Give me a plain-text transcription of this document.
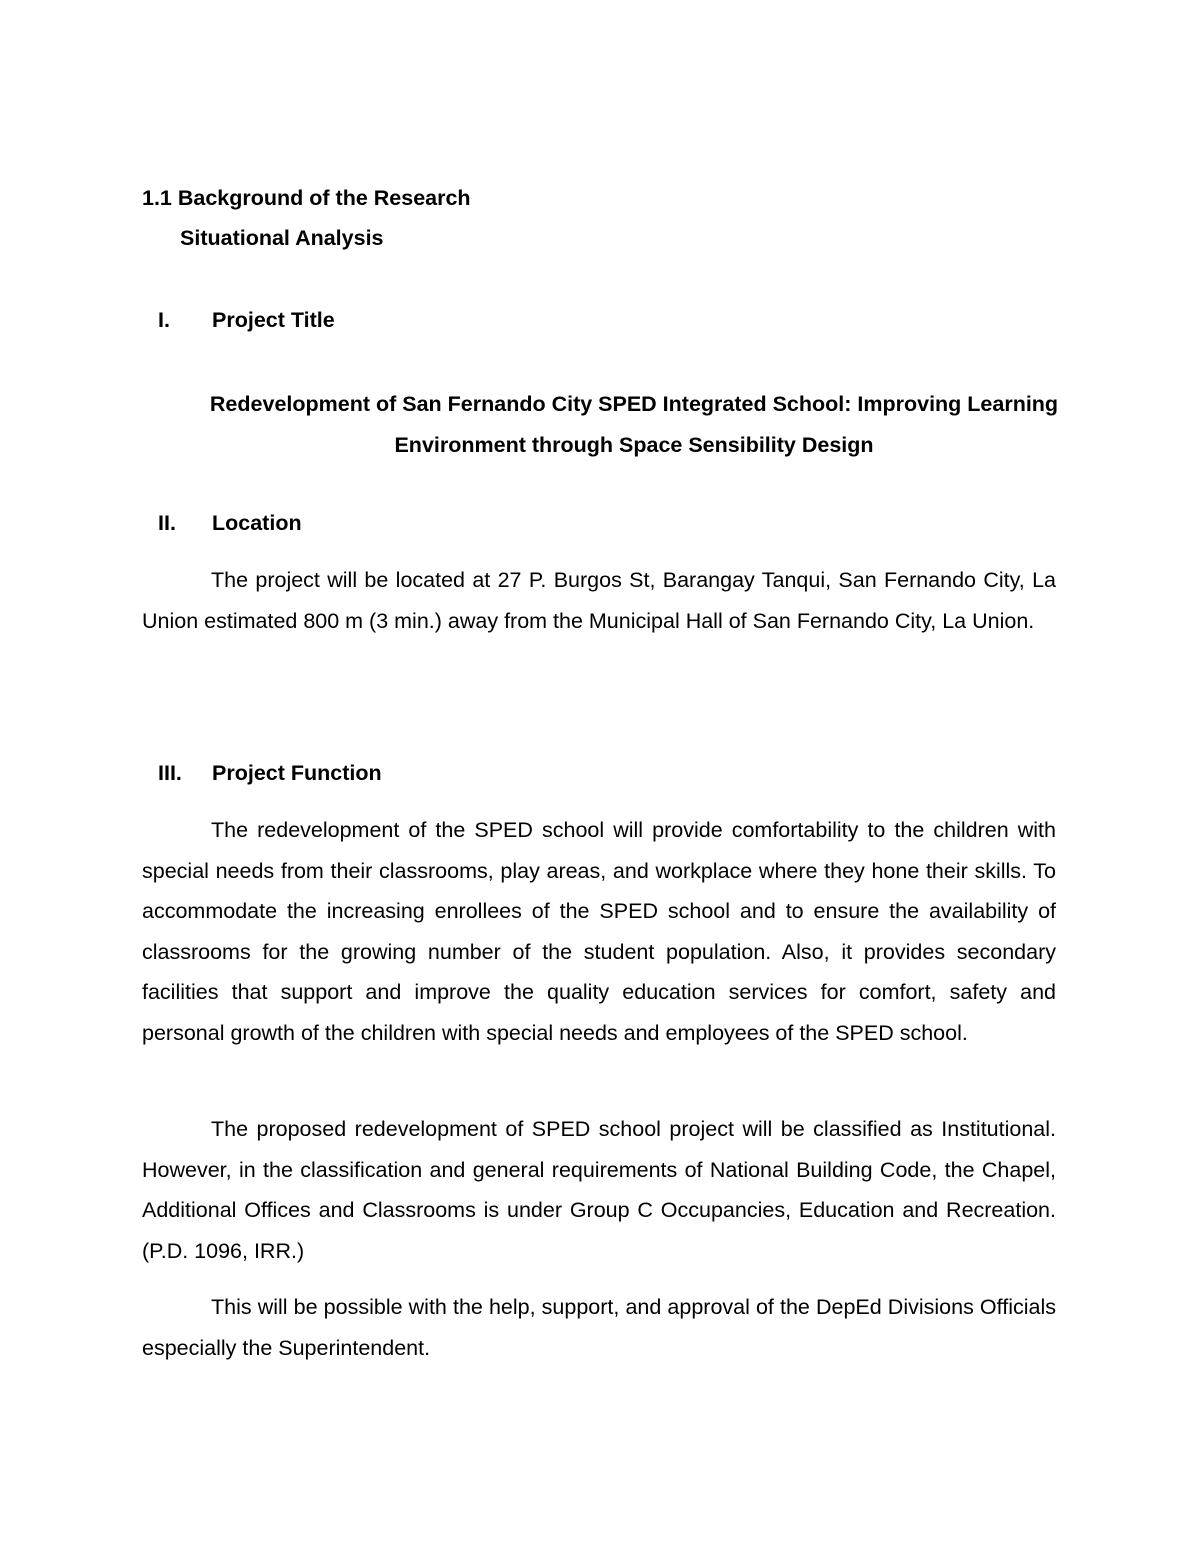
1.1 Background of the Research
Situational Analysis
I. Project Title
Redevelopment of San Fernando City SPED Integrated School: Improving Learning Environment through Space Sensibility Design
II. Location
The project will be located at 27 P. Burgos St, Barangay Tanqui, San Fernando City, La Union estimated 800 m (3 min.) away from the Municipal Hall of San Fernando City, La Union.
III. Project Function
The redevelopment of the SPED school will provide comfortability to the children with special needs from their classrooms, play areas, and workplace where they hone their skills. To accommodate the increasing enrollees of the SPED school and to ensure the availability of classrooms for the growing number of the student population. Also, it provides secondary facilities that support and improve the quality education services for comfort, safety and personal growth of the children with special needs and employees of the SPED school.
The proposed redevelopment of SPED school project will be classified as Institutional. However, in the classification and general requirements of National Building Code, the Chapel, Additional Offices and Classrooms is under Group C Occupancies, Education and Recreation. (P.D. 1096, IRR.)
This will be possible with the help, support, and approval of the DepEd Divisions Officials especially the Superintendent.
